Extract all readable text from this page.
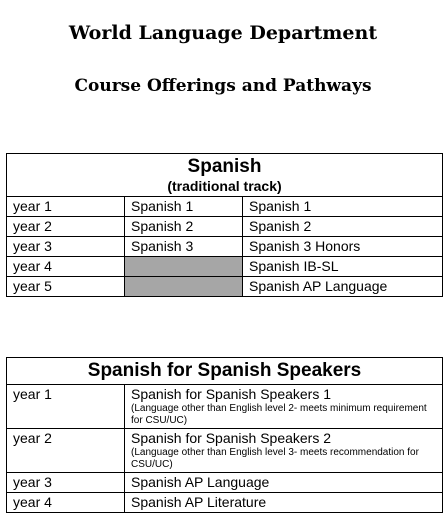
World Language Department
Course Offerings and Pathways
Spanish
(traditional track)		

year 1	Spanish 1	Spanish 1
year 2	Spanish 2	Spanish 2
year 3	Spanish 3	Spanish 3 Honors
year 4		Spanish IB-SL
year 5		Spanish AP Language
Spanish for Spanish Speakers	

year 1	Spanish for Spanish Speakers 1
(Language other than English level 2- meets minimum requirement for CSU/UC)

year 2	Spanish for Spanish Speakers 2
(Language other than English level 3- meets recommendation for CSU/UC)

year 3	Spanish AP Language
year 4	Spanish AP Literature
